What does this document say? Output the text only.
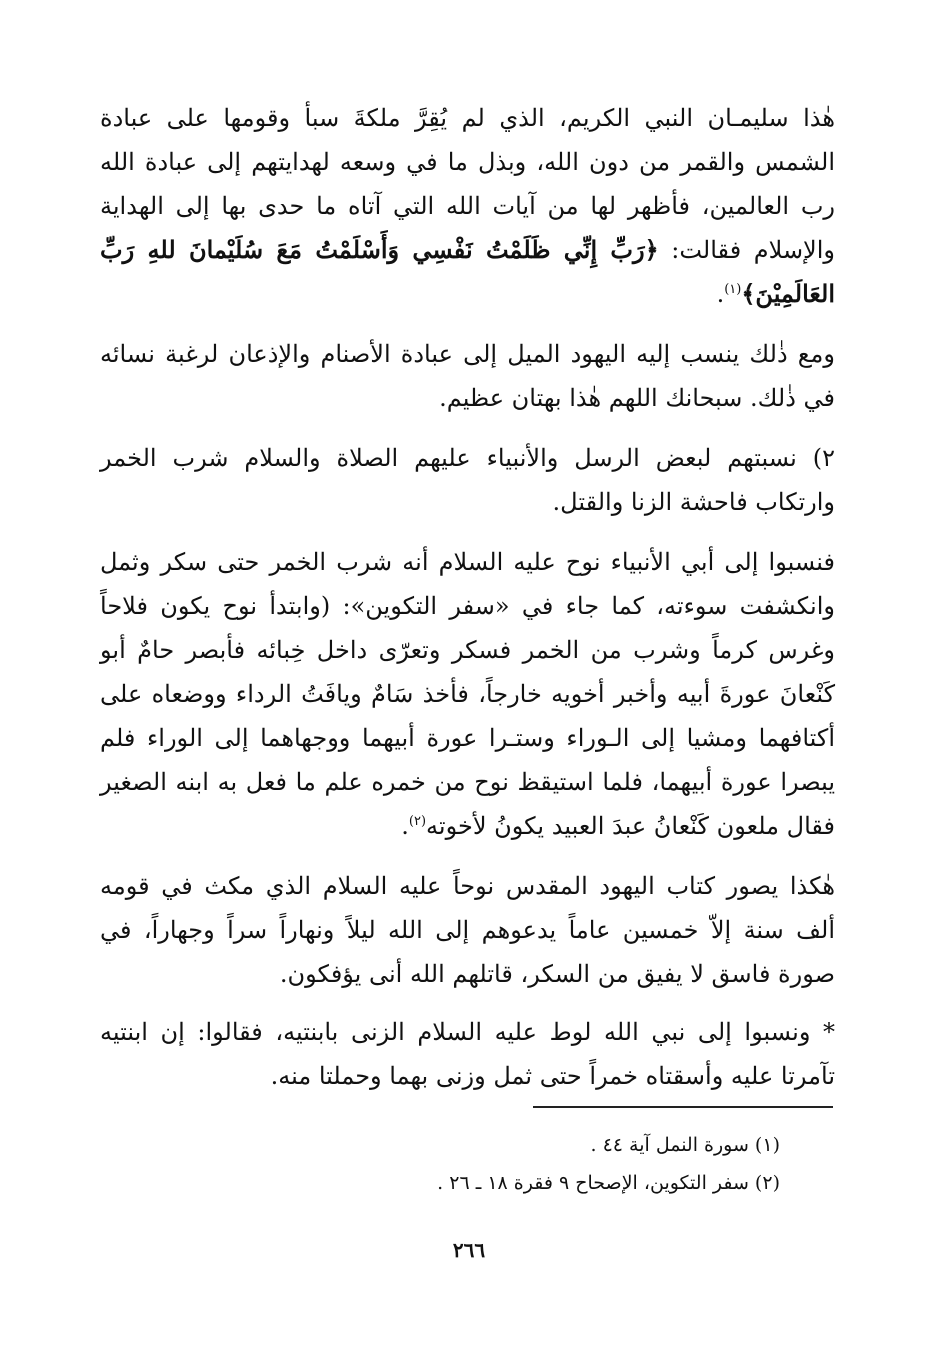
هٰذا سليمـان النبي الكريم، الذي لم يُقِرَّ ملكةَ سبأ وقومها على عبادة الشمس والقمر من دون الله، وبذل ما في وسعه لهدايتهم إلى عبادة الله رب العالمين، فأظهر لها من آيات الله التي آتاه ما حدى بها إلى الهداية والإسلام فقالت: ﴿رَبِّ إِنِّي ظَلَمْتُ نَفْسِي وَأَسْلَمْتُ مَعَ سُلَيْمانَ للهِ رَبِّ العَالَمِيْنَ﴾$^{(١)}$.

ومع ذٰلك ينسب إليه اليهود الميل إلى عبادة الأصنام والإذعان لرغبة نسائه في ذٰلك. سبحانك اللهم هٰذا بهتان عظيم.

٢) نسبتهم لبعض الرسل والأنبياء عليهم الصلاة والسلام شرب الخمر وارتكاب فاحشة الزنا والقتل.

فنسبوا إلى أبي الأنبياء نوح عليه السلام أنه شرب الخمر حتى سكر وثمل وانكشفت سوءته، كما جاء في «سفر التكوين»: (وابتدأ نوح يكون فلاحاً وغرس كرماً وشرب من الخمر فسكر وتعرّى داخل خِبائه فأبصر حامٌ أبو كَنْعانَ عورةَ أبيه وأخبر أخويه خارجاً، فأخذ سَامٌ ويافَتُ الرداء ووضعاه على أكتافهما ومشيا إلى الـوراء وستـرا عورة أبيهما ووجهاهما إلى الوراء فلم يبصرا عورة أبيهما، فلما استيقظ نوح من خمره علم ما فعل به ابنه الصغير فقال ملعون كَنْعانُ عبدَ العبيد يكونُ لأخوته$^{(٢)}$.

هٰكذا يصور كتاب اليهود المقدس نوحاً عليه السلام الذي مكث في قومه ألف سنة إلاّ خمسين عاماً يدعوهم إلى الله ليلاً ونهاراً سراً وجهاراً، في صورة فاسق لا يفيق من السكر، قاتلهم الله أنى يؤفكون.

* ونسبوا إلى نبي الله لوط عليه السلام الزنى بابنتيه، فقالوا: إن ابنتيه تآمرتا عليه وأسقتاه خمراً حتى ثمل وزنى بهما وحملتا منه.

(١) سورة النمل آية ٤٤ .

(٢) سفر التكوين، الإصحاح ٩ فقرة ١٨ ـ ٢٦ .

٢٦٦
